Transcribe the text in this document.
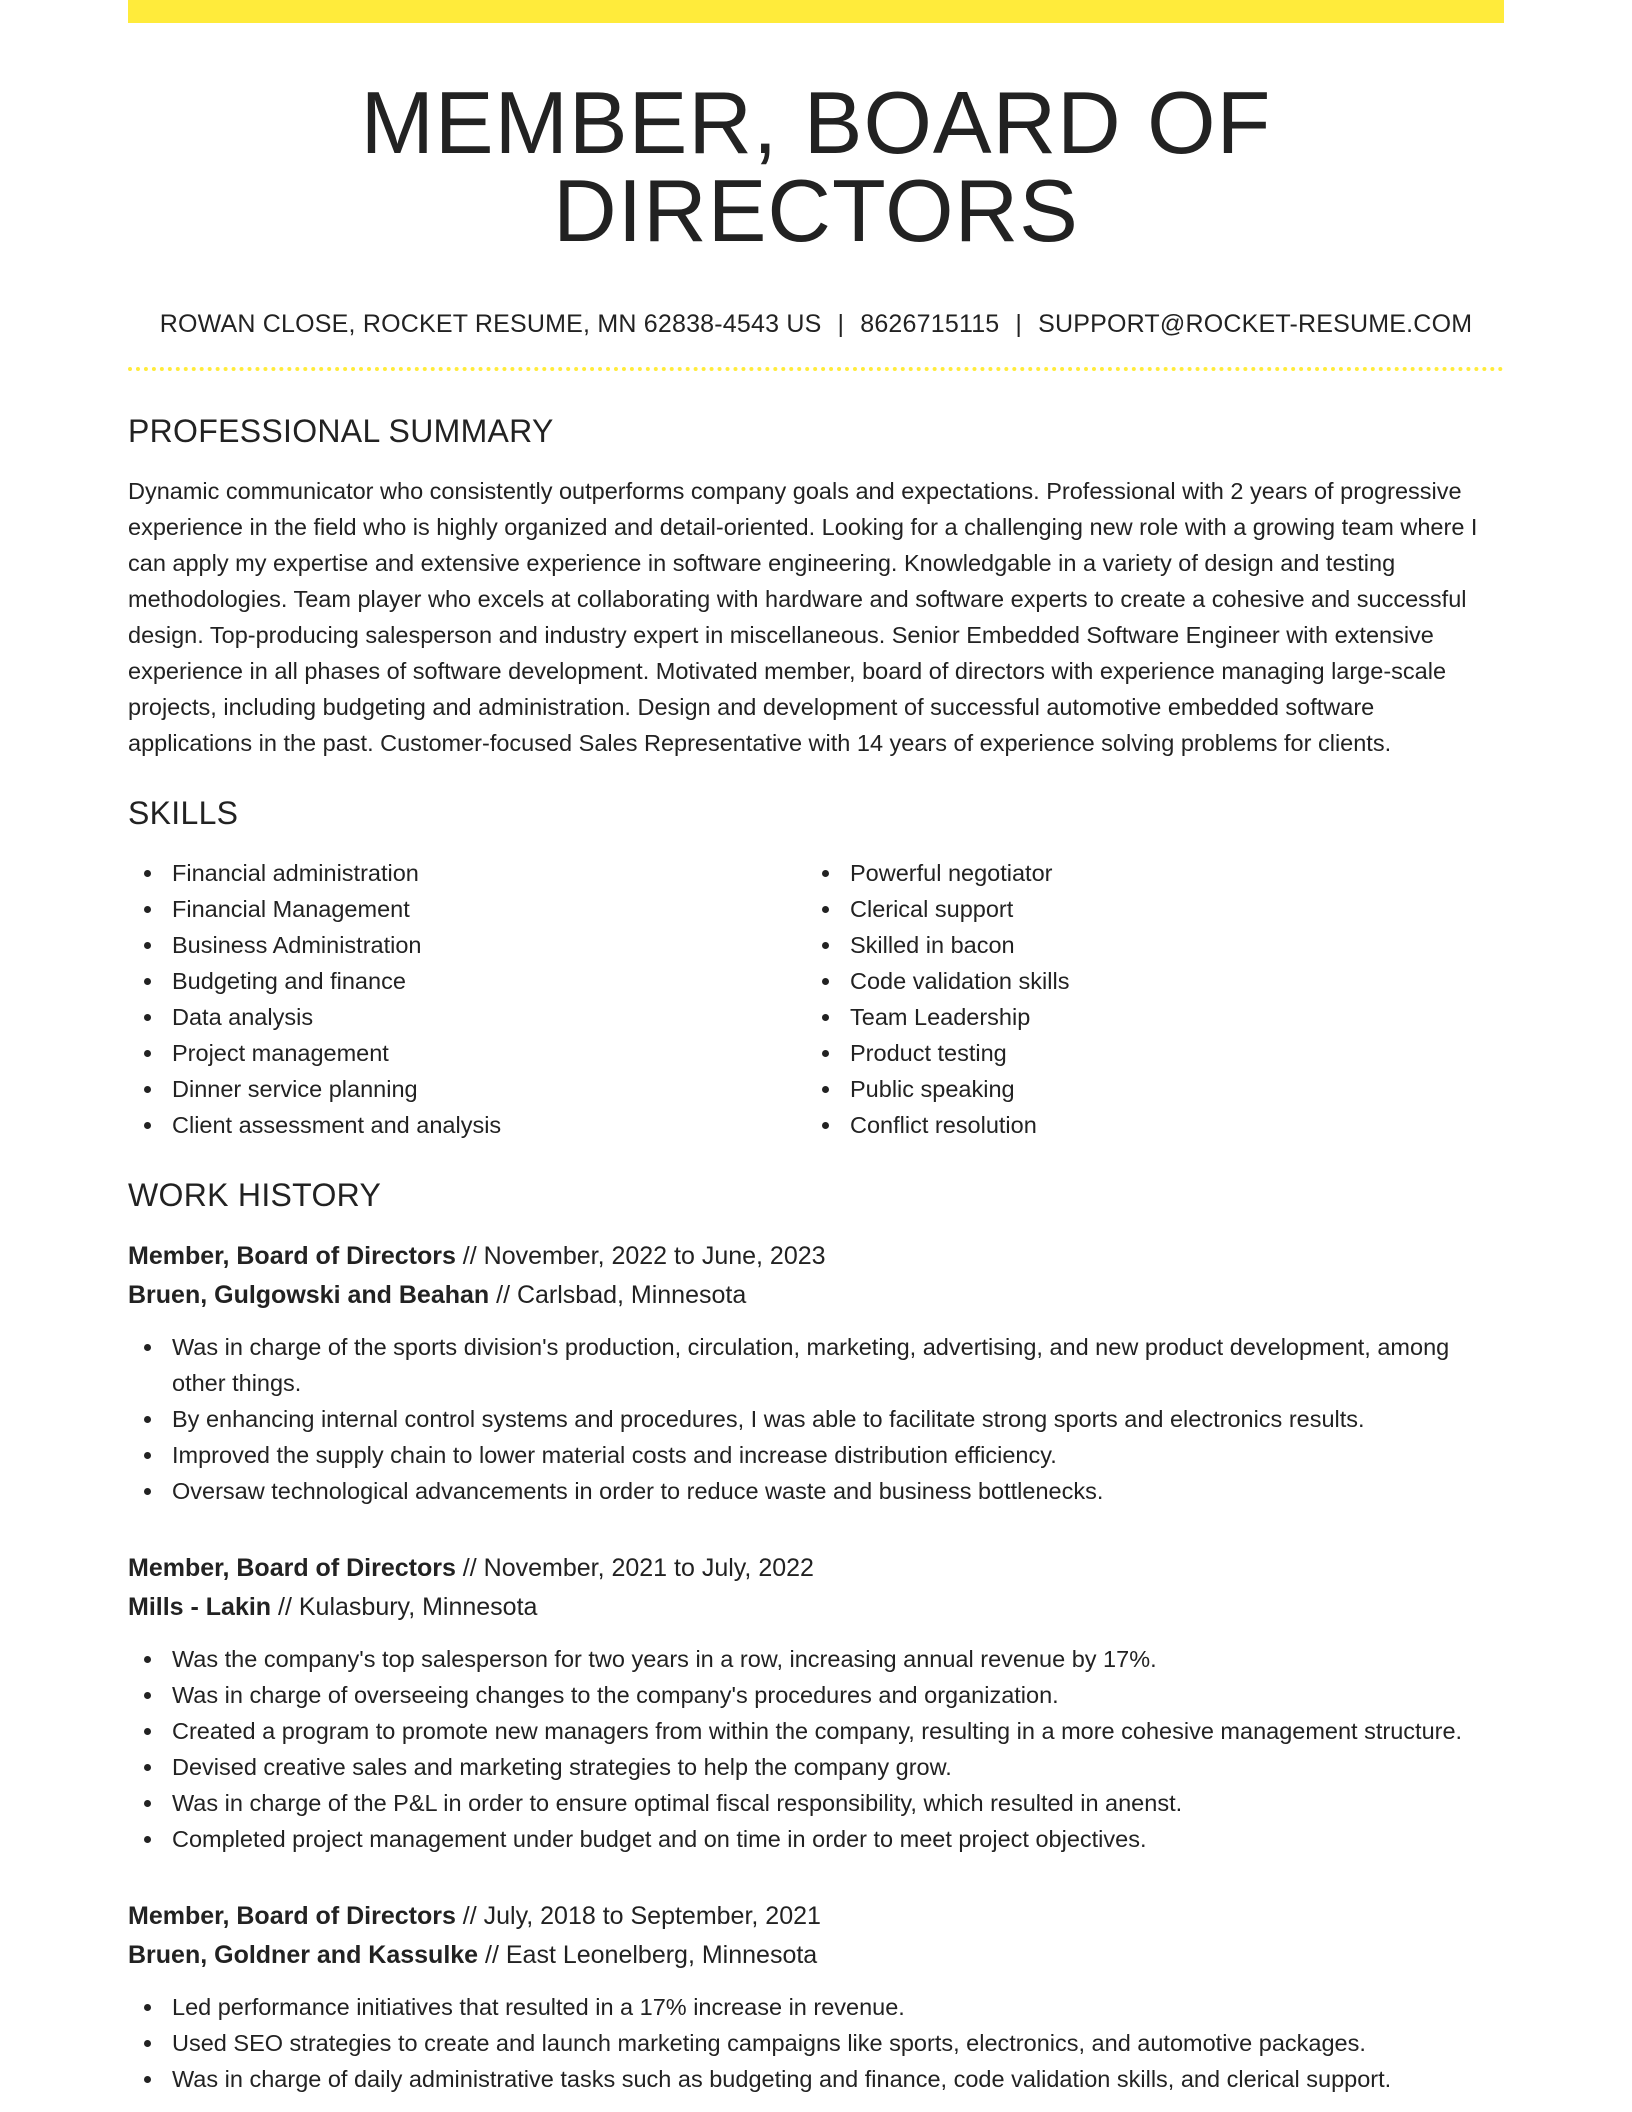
MEMBER, BOARD OF DIRECTORS
ROWAN CLOSE, ROCKET RESUME, MN 62838-4543 US | 8626715115 | SUPPORT@ROCKET-RESUME.COM
PROFESSIONAL SUMMARY
Dynamic communicator who consistently outperforms company goals and expectations. Professional with 2 years of progressive experience in the field who is highly organized and detail-oriented. Looking for a challenging new role with a growing team where I can apply my expertise and extensive experience in software engineering. Knowledgable in a variety of design and testing methodologies. Team player who excels at collaborating with hardware and software experts to create a cohesive and successful design. Top-producing salesperson and industry expert in miscellaneous. Senior Embedded Software Engineer with extensive experience in all phases of software development. Motivated member, board of directors with experience managing large-scale projects, including budgeting and administration. Design and development of successful automotive embedded software applications in the past. Customer-focused Sales Representative with 14 years of experience solving problems for clients.
SKILLS
Financial administration
Financial Management
Business Administration
Budgeting and finance
Data analysis
Project management
Dinner service planning
Client assessment and analysis
Powerful negotiator
Clerical support
Skilled in bacon
Code validation skills
Team Leadership
Product testing
Public speaking
Conflict resolution
WORK HISTORY
Member, Board of Directors // November, 2022 to June, 2023
Bruen, Gulgowski and Beahan // Carlsbad, Minnesota
Was in charge of the sports division's production, circulation, marketing, advertising, and new product development, among other things.
By enhancing internal control systems and procedures, I was able to facilitate strong sports and electronics results.
Improved the supply chain to lower material costs and increase distribution efficiency.
Oversaw technological advancements in order to reduce waste and business bottlenecks.
Member, Board of Directors // November, 2021 to July, 2022
Mills - Lakin // Kulasbury, Minnesota
Was the company's top salesperson for two years in a row, increasing annual revenue by 17%.
Was in charge of overseeing changes to the company's procedures and organization.
Created a program to promote new managers from within the company, resulting in a more cohesive management structure.
Devised creative sales and marketing strategies to help the company grow.
Was in charge of the P&L in order to ensure optimal fiscal responsibility, which resulted in anenst.
Completed project management under budget and on time in order to meet project objectives.
Member, Board of Directors // July, 2018 to September, 2021
Bruen, Goldner and Kassulke // East Leonelberg, Minnesota
Led performance initiatives that resulted in a 17% increase in revenue.
Used SEO strategies to create and launch marketing campaigns like sports, electronics, and automotive packages.
Was in charge of daily administrative tasks such as budgeting and finance, code validation skills, and clerical support.
